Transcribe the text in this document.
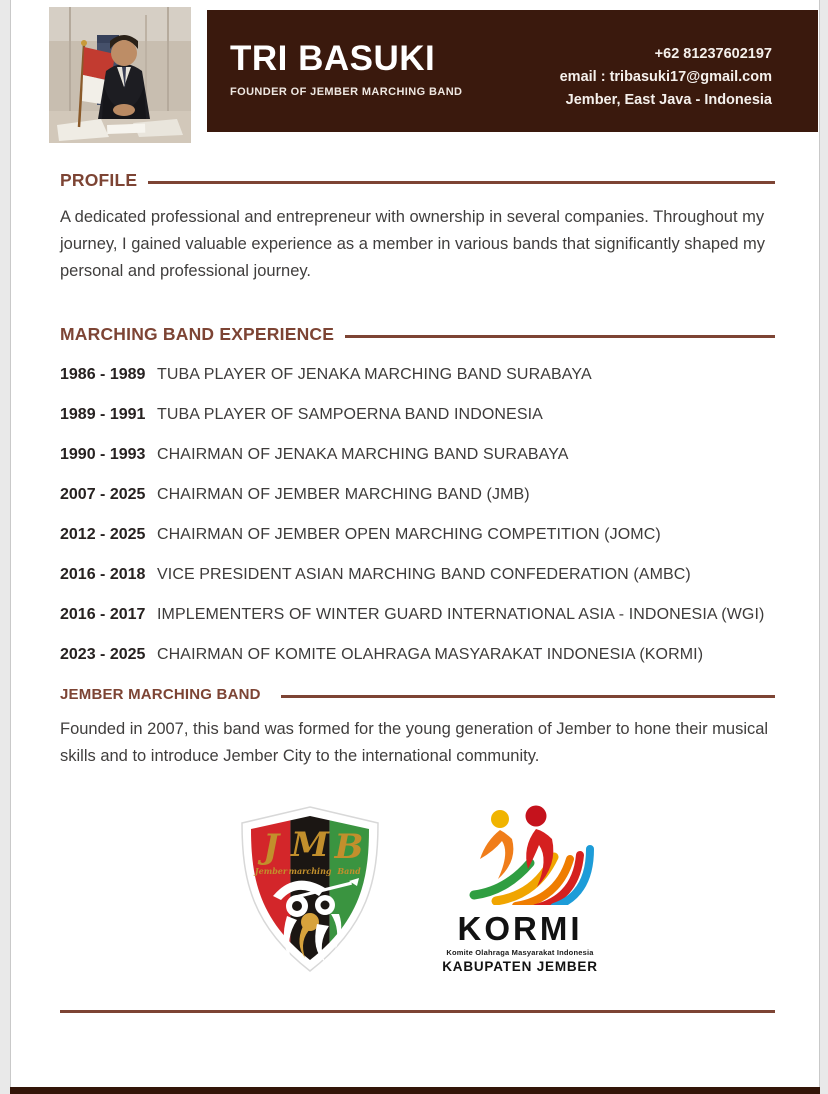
TRI BASUKI
FOUNDER OF JEMBER MARCHING BAND
+62 81237602197
email : tribasuki17@gmail.com
Jember, East Java - Indonesia
PROFILE
A dedicated professional and entrepreneur with ownership in several companies. Throughout my journey, I gained valuable experience as a member in various bands that significantly shaped my personal and professional journey.
MARCHING BAND EXPERIENCE
1986 - 1989 TUBA PLAYER OF JENAKA MARCHING BAND SURABAYA
1989 - 1991 TUBA PLAYER OF SAMPOERNA BAND INDONESIA
1990 - 1993 CHAIRMAN OF JENAKA MARCHING BAND SURABAYA
2007 - 2025 CHAIRMAN OF JEMBER MARCHING BAND (JMB)
2012 - 2025 CHAIRMAN OF JEMBER OPEN MARCHING COMPETITION (JOMC)
2016 - 2018 VICE PRESIDENT ASIAN MARCHING BAND CONFEDERATION (AMBC)
2016 - 2017 IMPLEMENTERS OF WINTER GUARD INTERNATIONAL ASIA - INDONESIA (WGI)
2023 - 2025 CHAIRMAN OF KOMITE OLAHRAGA MASYARAKAT INDONESIA (KORMI)
JEMBER MARCHING BAND
Founded in 2007, this band was formed for the young generation of Jember to hone their musical skills and to introduce Jember City to the international community.
J M B
Jember marching Band
KORMI
Komite Olahraga Masyarakat Indonesia
KABUPATEN JEMBER
